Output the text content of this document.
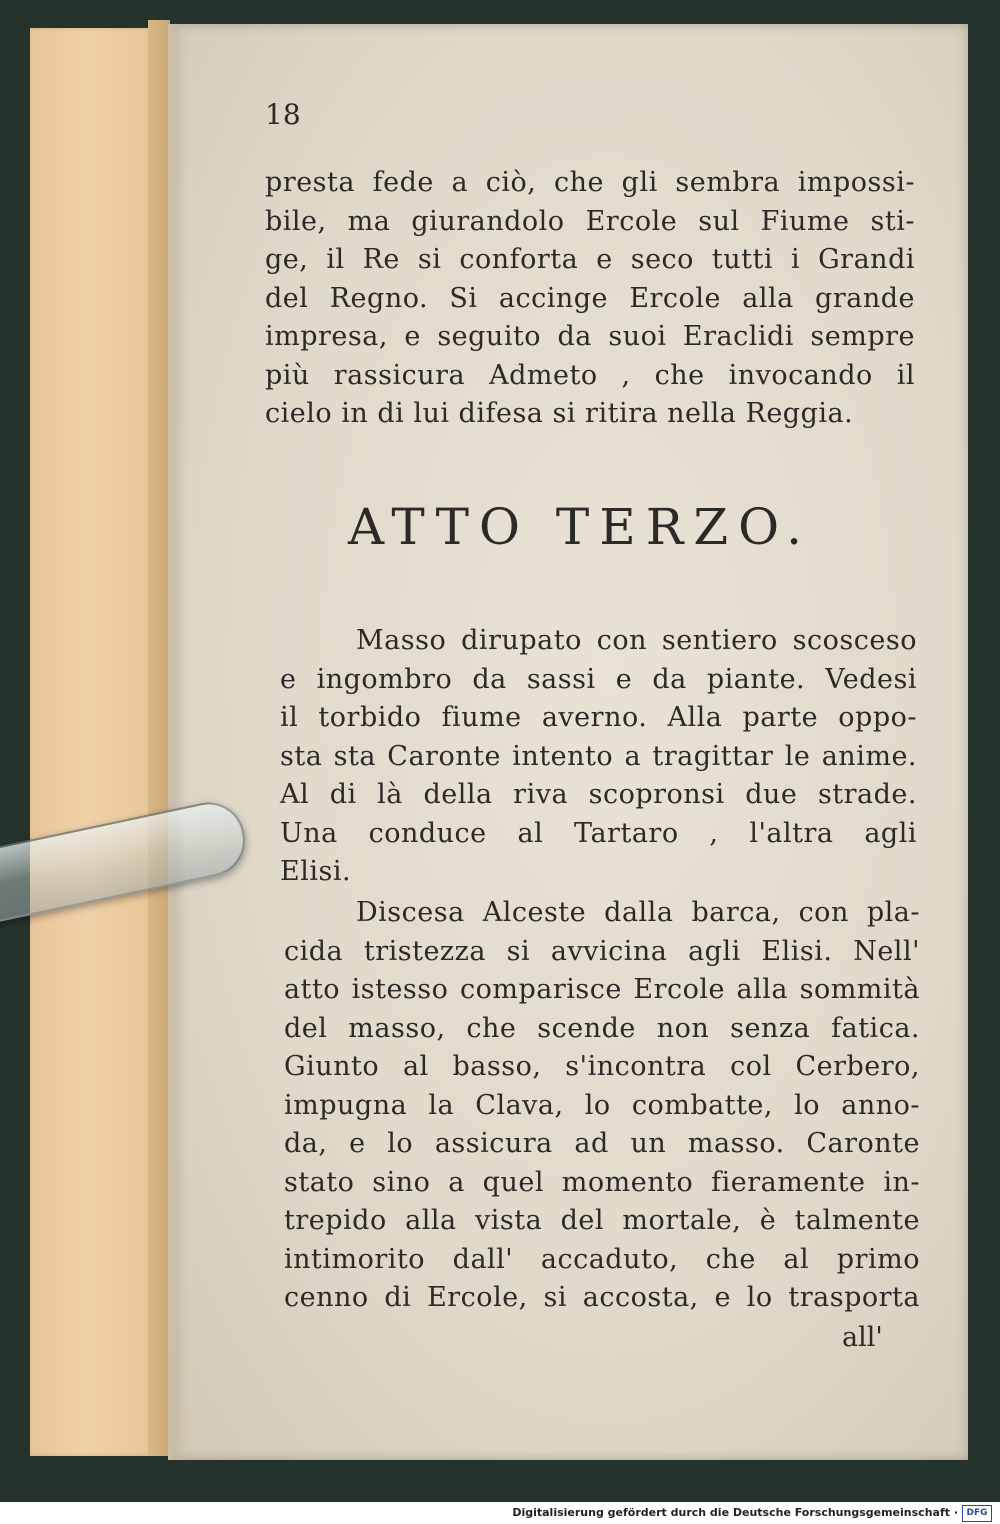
18
presta fede a ciò, che gli sembra impossi-
bile, ma giurandolo Ercole sul Fiume sti-
ge, il Re si conforta e seco tutti i Grandi
del Regno. Si accinge Ercole alla grande
impresa, e seguito da suoi Eraclidi sempre
più rassicura Admeto , che invocando il
cielo in di lui difesa si ritira nella Reggia.
ATTO TERZO.
Masso dirupato con sentiero scosceso
e ingombro da sassi e da piante. Vedesi
il torbido fiume averno. Alla parte oppo-
sta sta Caronte intento a tragittar le anime.
Al di là della riva scopronsi due strade.
Una conduce al Tartaro , l'altra agli
Elisi.
Discesa Alceste dalla barca, con pla-
cida tristezza si avvicina agli Elisi. Nell'
atto istesso comparisce Ercole alla sommità
del masso, che scende non senza fatica.
Giunto al basso, s'incontra col Cerbero,
impugna la Clava, lo combatte, lo anno-
da, e lo assicura ad un masso. Caronte
stato sino a quel momento fieramente in-
trepido alla vista del mortale, è talmente
intimorito dall' accaduto, che al primo
cenno di Ercole, si accosta, e lo trasporta
all'
Digitalisierung gefördert durch die Deutsche Forschungsgemeinschaft · DFG
